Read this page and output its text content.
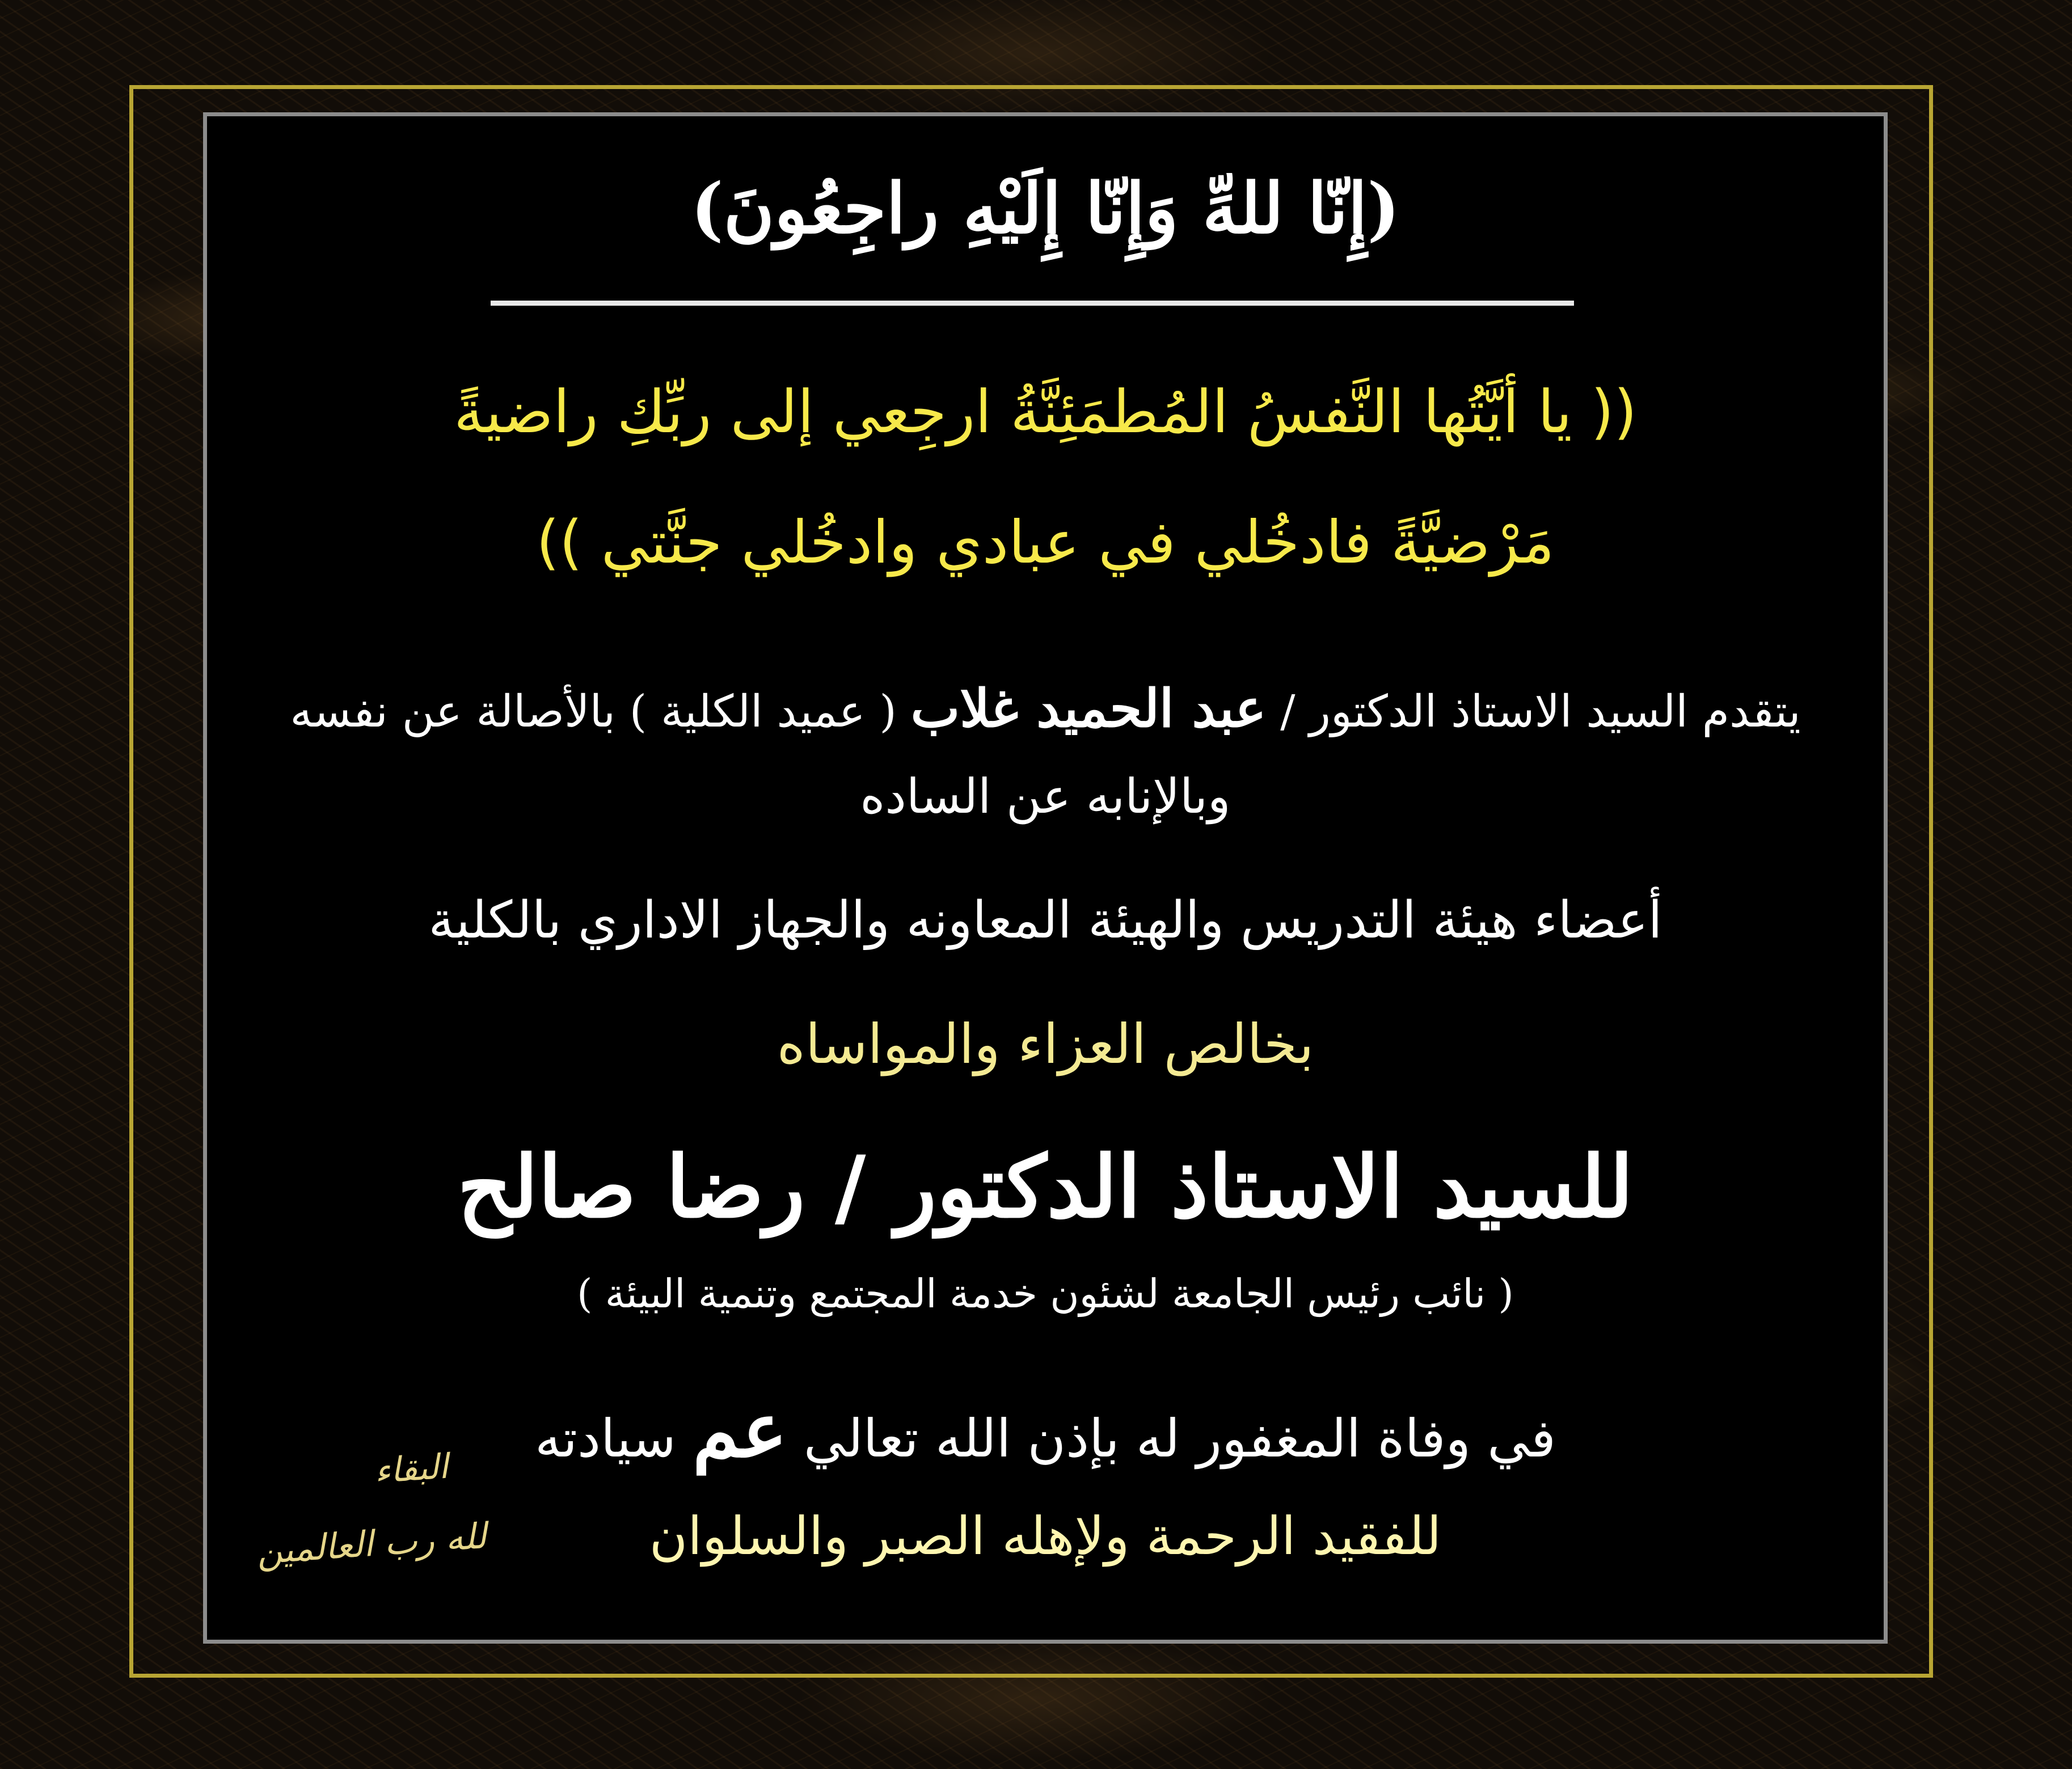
(إِنّا للهِّ وَإِنّا إِلَيْهِ راجِعُونَ)

(( يا أيَّتُها النَّفسُ المُطمَئِنَّةُ ارجِعي إلى ربِّكِ راضيةً

مَرْضيَّةً فادخُلي في عبادي وادخُلي جنَّتي ))

يتقدم السيد الاستاذ الدكتور / عبد الحميد غلاب ( عميد الكلية ) بالأصالة عن نفسه

وبالإنابه عن الساده

أعضاء هيئة التدريس والهيئة المعاونه والجهاز الاداري بالكلية

بخالص العزاء والمواساه

للسيد الاستاذ الدكتور / رضا صالح

( نائب رئيس الجامعة لشئون خدمة المجتمع وتنمية البيئة )

في وفاة المغفور له بإذن الله تعالي عم سيادته

للفقيد الرحمة ولإهله الصبر والسلوان

البقاء
لله رب العالمين
